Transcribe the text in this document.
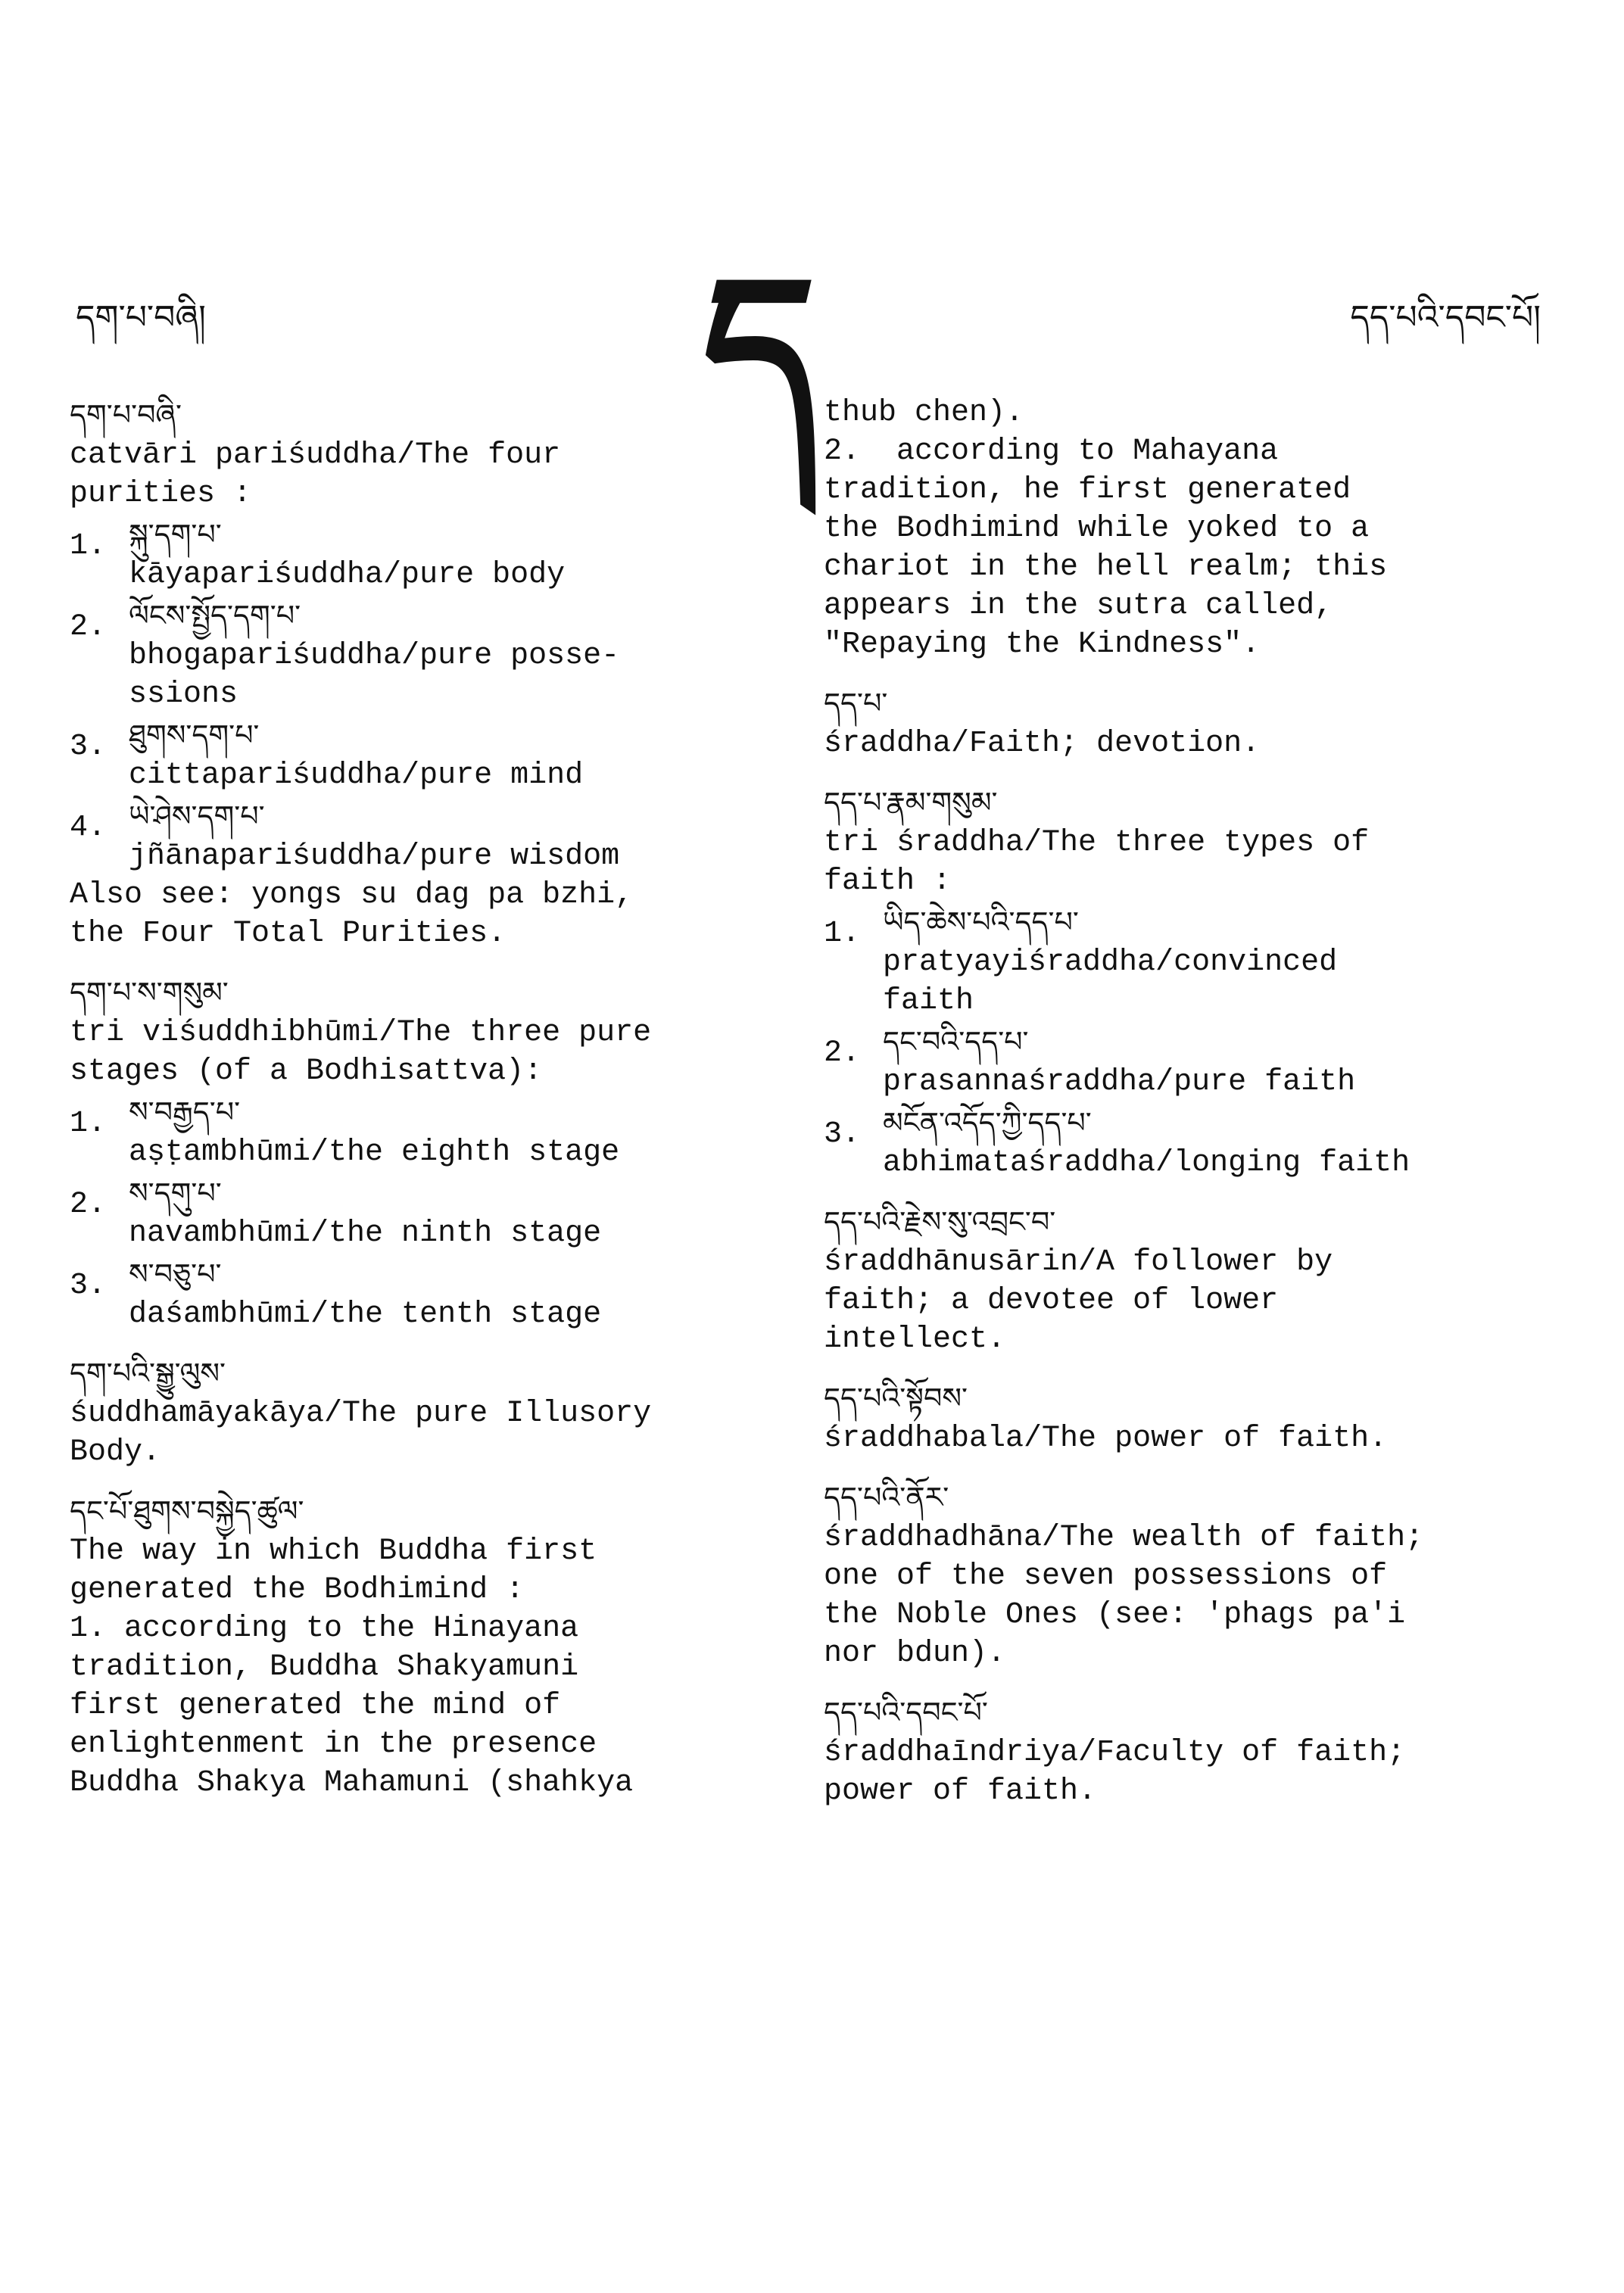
དག་པ་བཞི།	ད	དད་པའི་དབང་པོ།
དག་པ་བཞི་
catvāri pariśuddha/The four
purities :
1. སྐུ་དག་པ་
kāyapariśuddha/pure body
2. ལོངས་སྤྱོད་དག་པ་
bhogapariśuddha/pure posse-
ssions
3. ཐུགས་དག་པ་
cittapariśuddha/pure mind
4. ཡེ་ཤེས་དག་པ་
jñānapariśuddha/pure wisdom
Also see: yongs su dag pa bzhi,
the Four Total Purities.
དག་པ་ས་གསུམ་
tri viśuddhibhūmi/The three pure
stages (of a Bodhisattva):
1. ས་བརྒྱད་པ་
aṣṭambhūmi/the eighth stage
2. ས་དགུ་པ་
navambhūmi/the ninth stage
3. ས་བཅུ་པ་
daśambhūmi/the tenth stage
དག་པའི་སྒྱུ་ལུས་
śuddhamāyakāya/The pure Illusory
Body.
དང་པོ་ཐུགས་བསྐྱེད་ཚུལ་
The way in which Buddha first
generated the Bodhimind :
1. according to the Hinayana
tradition, Buddha Shakyamuni
first generated the mind of
enlightenment in the presence
Buddha Shakya Mahamuni (shahkya
thub chen).
2.  according to Mahayana
tradition, he first generated
the Bodhimind while yoked to a
chariot in the hell realm; this
appears in the sutra called,
"Repaying the Kindness".
དད་པ་
śraddha/Faith; devotion.
དད་པ་རྣམ་གསུམ་
tri śraddha/The three types of
faith :
1. ཡིད་ཆེས་པའི་དད་པ་
pratyayiśraddha/convinced
faith
2. དང་བའི་དད་པ་
prasannaśraddha/pure faith
3. མངོན་འདོད་ཀྱི་དད་པ་
abhimataśraddha/longing faith
དད་པའི་རྗེས་སུ་འབྲང་བ་
śraddhānusārin/A follower by
faith; a devotee of lower
intellect.
དད་པའི་སྟོབས་
śraddhabala/The power of faith.
དད་པའི་ནོར་
śraddhadhāna/The wealth of faith;
one of the seven possessions of
the Noble Ones (see: 'phags pa'i
nor bdun).
དད་པའི་དབང་པོ་
śraddhaīndriya/Faculty of faith;
power of faith.
